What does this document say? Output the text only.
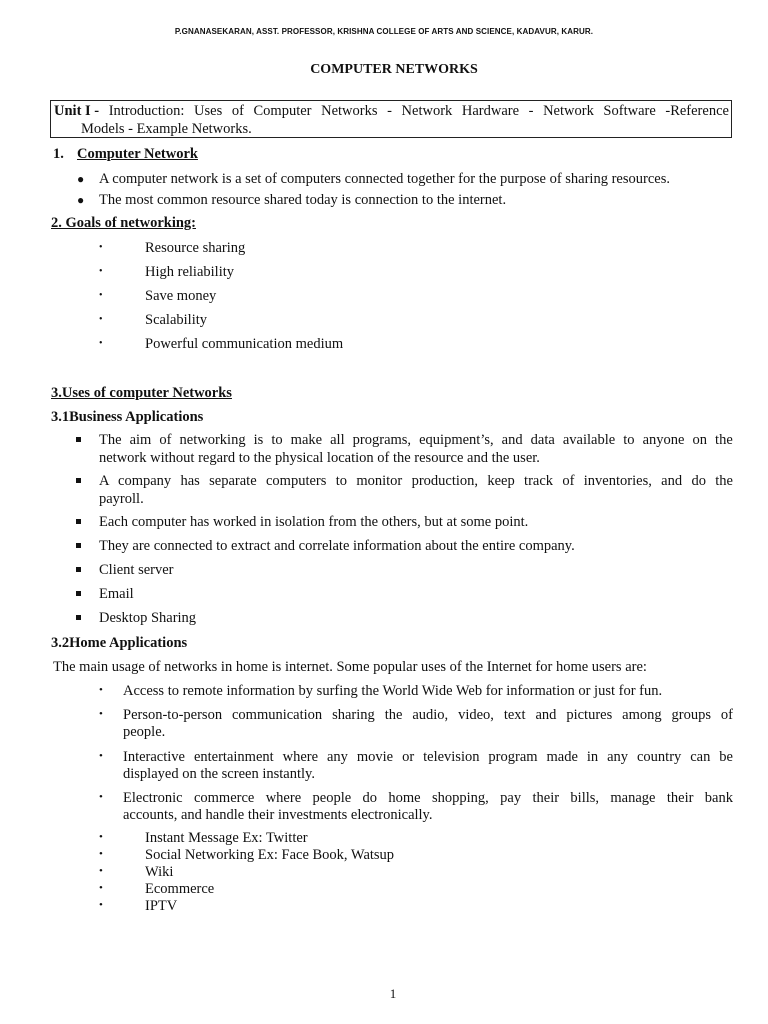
P.GNANASEKARAN, ASST. PROFESSOR, KRISHNA COLLEGE OF ARTS AND SCIENCE, KADAVUR, KARUR.
COMPUTER NETWORKS
Unit I - Introduction: Uses of Computer Networks - Network Hardware - Network Software -Reference
Models - Example Networks.
1. Computer Network
● A computer network is a set of computers connected together for the purpose of sharing resources.
● The most common resource shared today is connection to the internet.
2. Goals of networking:
•	Resource sharing
•	High reliability
•	Save money
•	Scalability
•	Powerful communication medium
3.Uses of computer Networks
3.1Business Applications
The aim of networking is to make all programs, equipment’s, and data available to anyone on the
network without regard to the physical location of the resource and the user.
A company has separate computers to monitor production, keep track of inventories, and do the
payroll.
Each computer has worked in isolation from the others, but at some point.
They are connected to extract and correlate information about the entire company.
Client server
Email
Desktop Sharing
3.2Home Applications
The main usage of networks in home is internet. Some popular uses of the Internet for home users are:
• Access to remote information by surfing the World Wide Web for information or just for fun.
• Person-to-person communication sharing the audio, video, text and pictures among groups of
people.
• Interactive entertainment where any movie or television program made in any country can be
displayed on the screen instantly.
• Electronic commerce where people do home shopping, pay their bills, manage their bank
accounts, and handle their investments electronically.
•	Instant Message Ex: Twitter
•	Social Networking Ex: Face Book, Watsup
•	Wiki
•	Ecommerce
•	IPTV
1
